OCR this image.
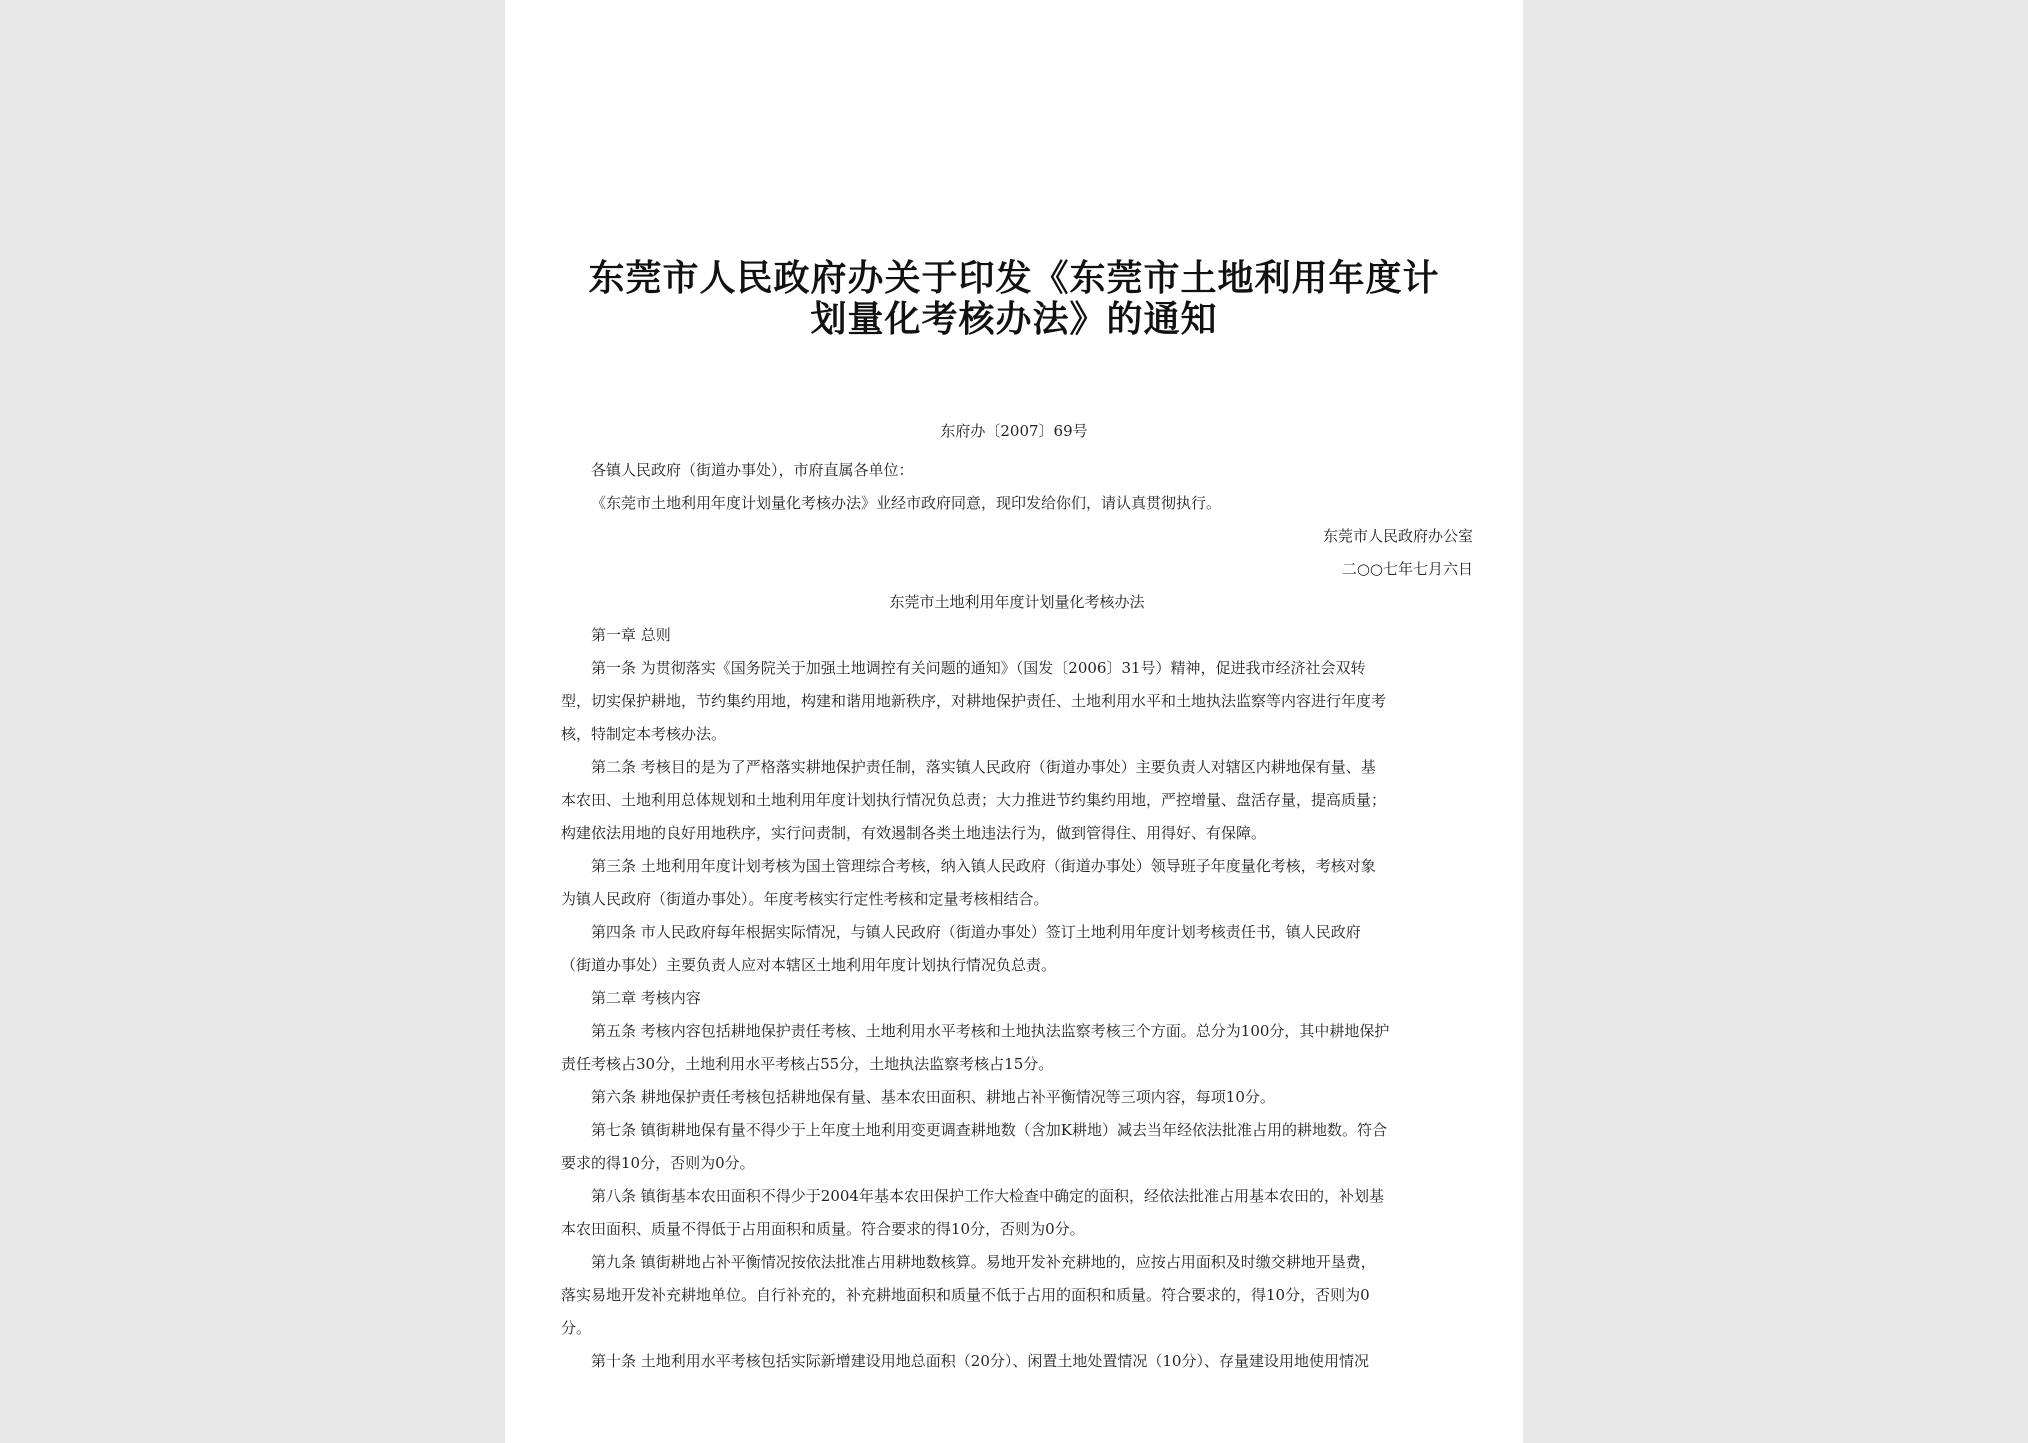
东莞市人民政府办关于印发《东莞市土地利用年度计
划量化考核办法》的通知
东府办〔2007〕69号
各镇人民政府（街道办事处），市府直属各单位：
《东莞市土地利用年度计划量化考核办法》业经市政府同意，现印发给你们，请认真贯彻执行。
东莞市人民政府办公室
二○○七年七月六日
东莞市土地利用年度计划量化考核办法
第一章 总则
第一条 为贯彻落实《国务院关于加强土地调控有关问题的通知》（国发〔2006〕31号）精神，促进我市经济社会双转
型，切实保护耕地，节约集约用地，构建和谐用地新秩序，对耕地保护责任、土地利用水平和土地执法监察等内容进行年度考
核，特制定本考核办法。
第二条 考核目的是为了严格落实耕地保护责任制，落实镇人民政府（街道办事处）主要负责人对辖区内耕地保有量、基
本农田、土地利用总体规划和土地利用年度计划执行情况负总责；大力推进节约集约用地，严控增量、盘活存量，提高质量；
构建依法用地的良好用地秩序，实行问责制，有效遏制各类土地违法行为，做到管得住、用得好、有保障。
第三条 土地利用年度计划考核为国土管理综合考核，纳入镇人民政府（街道办事处）领导班子年度量化考核，考核对象
为镇人民政府（街道办事处）。年度考核实行定性考核和定量考核相结合。
第四条 市人民政府每年根据实际情况，与镇人民政府（街道办事处）签订土地利用年度计划考核责任书，镇人民政府
（街道办事处）主要负责人应对本辖区土地利用年度计划执行情况负总责。
第二章 考核内容
第五条 考核内容包括耕地保护责任考核、土地利用水平考核和土地执法监察考核三个方面。总分为100分，其中耕地保护
责任考核占30分，土地利用水平考核占55分，土地执法监察考核占15分。
第六条 耕地保护责任考核包括耕地保有量、基本农田面积、耕地占补平衡情况等三项内容，每项10分。
第七条 镇街耕地保有量不得少于上年度土地利用变更调查耕地数（含加K耕地）减去当年经依法批准占用的耕地数。符合
要求的得10分，否则为0分。
第八条 镇街基本农田面积不得少于2004年基本农田保护工作大检查中确定的面积，经依法批准占用基本农田的，补划基
本农田面积、质量不得低于占用面积和质量。符合要求的得10分，否则为0分。
第九条 镇街耕地占补平衡情况按依法批准占用耕地数核算。易地开发补充耕地的，应按占用面积及时缴交耕地开垦费，
落实易地开发补充耕地单位。自行补充的，补充耕地面积和质量不低于占用的面积和质量。符合要求的，得10分，否则为0
分。
第十条 土地利用水平考核包括实际新增建设用地总面积（20分）、闲置土地处置情况（10分）、存量建设用地使用情况
